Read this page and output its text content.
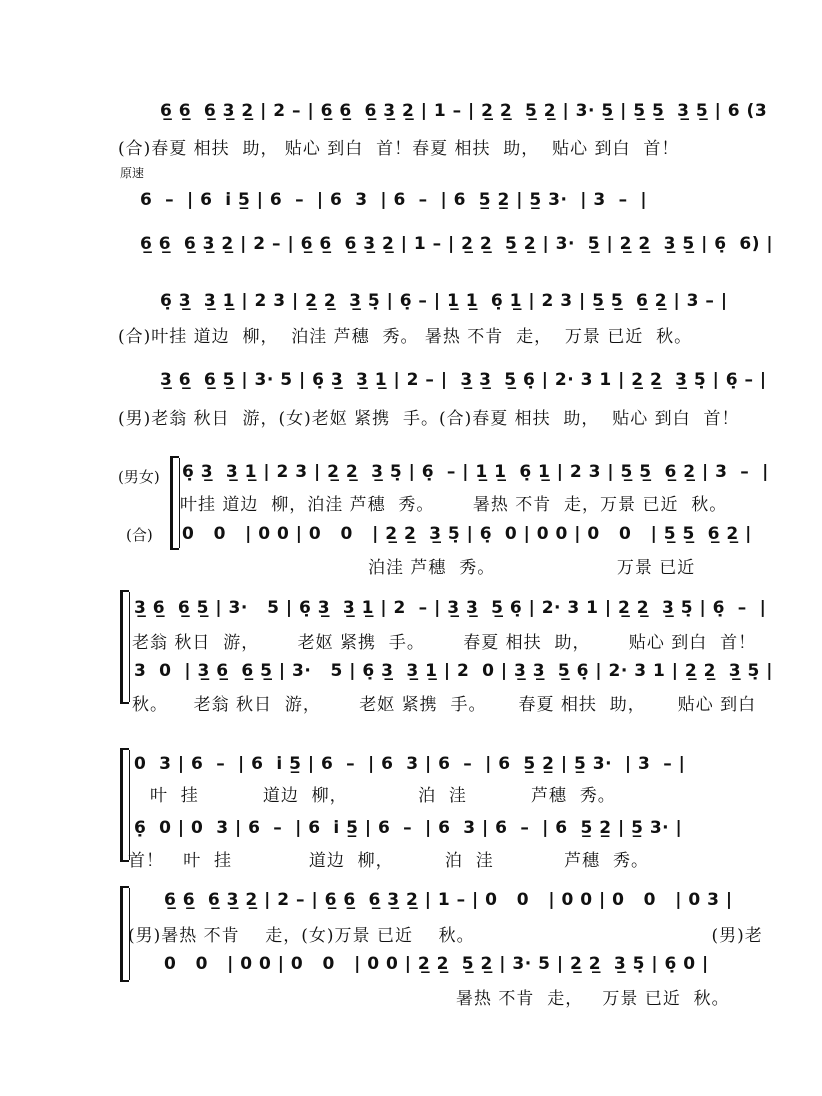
6̲ 6̲  6̲ 3̲ 2̲ | 2 – | 6̲ 6̲  6̲ 3̲ 2̲ | 1 – | 2̲ 2̲  5̲ 2̲ | 3· 5̲ | 5̲ 5̲  3̲ 5̲ | 6 (3
(合)春夏 相扶  助， 贴心 到白  首！春夏 相扶  助，  贴心 到白  首！
原速
6  –  | 6  i̇ 5̲ | 6  –  | 6  3  | 6  –  | 6  5̲ 2̲ | 5̲ 3·  | 3  –  |
6̲ 6̲  6̲ 3̲ 2̲ | 2 – | 6̲ 6̲  6̲ 3̲ 2̲ | 1 – | 2̲ 2̲  5̲ 2̲ | 3·  5̲ | 2̲ 2̲  3̲ 5̲ | 6̣  6) |
6̣ 3̲  3̲ 1̲ | 2 3 | 2̲ 2̲  3̲ 5̣ | 6̣ – | 1̲ 1̲  6̣ 1̲ | 2 3 | 5̲ 5̲  6̲ 2̲ | 3 – |
(合)叶挂 道边  柳，  泊洼 芦穗  秀。 暑热 不肯  走，  万景 已近  秋。
3̲ 6̲  6̲ 5̲ | 3· 5 | 6̣ 3̲  3̲ 1̲ | 2 – |  3̲ 3̲  5̲ 6̣ | 2· 3 1 | 2̲ 2̲  3̲ 5̣ | 6̣ – |
(男)老翁 秋日  游，(女)老妪 紧携  手。(合)春夏 相扶  助，  贴心 到白  首！
(男女)
(合)
6̣ 3̲  3̲ 1̲ | 2 3 | 2̲ 2̲  3̲ 5̣ | 6̣  – | 1̲ 1̲  6̣ 1̲ | 2 3 | 5̲ 5̲  6̲ 2̲ | 3  –  |
叶挂 道边  柳，泊洼 芦穗  秀。      暑热 不肯  走，万景 已近  秋。
0   0   | 0 0 | 0   0   | 2̲ 2̲  3̲ 5̣ | 6̣  0 | 0 0 | 0   0   | 5̲ 5̲  6̲ 2̲ |
泊洼 芦穗  秀。                   万景 已近
3̲ 6̲  6̲ 5̲ | 3·   5 | 6̣ 3̲  3̲ 1̲ | 2  – | 3̲ 3̲  5̲ 6̣ | 2· 3 1 | 2̲ 2̲  3̲ 5̣ | 6̣  –  |
老翁 秋日  游，      老妪 紧携  手。      春夏 相扶  助，      贴心 到白  首！
3  0  | 3̲ 6̲  6̲ 5̲ | 3·   5 | 6̣ 3̲  3̲ 1̲ | 2  0 | 3̲ 3̲  5̲ 6̣ | 2· 3 1 | 2̲ 2̲  3̲ 5̣ |
秋。    老翁 秋日  游，      老妪 紧携  手。     春夏 相扶  助，     贴心 到白
0  3 | 6  –  | 6  i̇ 5̲ | 6  –  | 6  3 | 6  –  | 6  5̲ 2̲ | 5̲ 3·  | 3  – |
叶  挂          道边  柳，           泊  洼          芦穗  秀。
6̣  0 | 0  3 | 6  –  | 6  i̇ 5̲ | 6  –  | 6  3 | 6  –  | 6  5̲ 2̲ | 5̲ 3· |
首！   叶  挂            道边  柳，        泊  洼           芦穗  秀。
6̲ 6̲  6̲ 3̲ 2̲ | 2 – | 6̲ 6̲  6̲ 3̲ 2̲ | 1 – | 0   0   | 0 0 | 0   0   | 0 3 |
(男)暑热 不肯    走，(女)万景 已近    秋。                                     (男)老
0   0   | 0 0 | 0   0   | 0 0 | 2̲ 2̲  5̲ 2̲ | 3· 5 | 2̲ 2̲  3̲ 5̣ | 6̣ 0 |
暑热 不肯  走，   万景 已近  秋。
